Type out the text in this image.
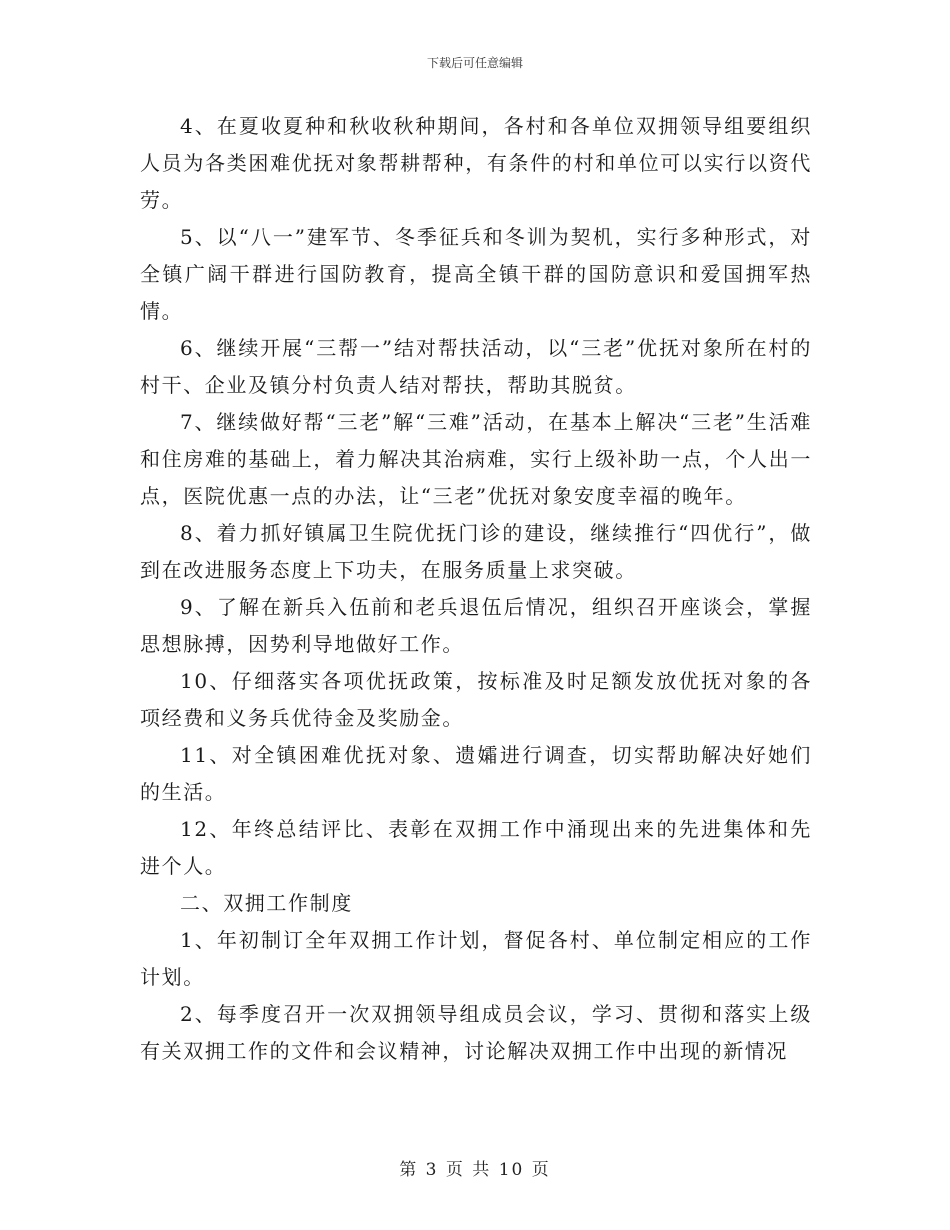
下载后可任意编辑

4、在夏收夏种和秋收秋种期间，各村和各单位双拥领导组要组织人员为各类困难优抚对象帮耕帮种，有条件的村和单位可以实行以资代劳。

5、以“八一”建军节、冬季征兵和冬训为契机，实行多种形式，对全镇广阔干群进行国防教育，提高全镇干群的国防意识和爱国拥军热情。

6、继续开展“三帮一”结对帮扶活动，以“三老”优抚对象所在村的村干、企业及镇分村负责人结对帮扶，帮助其脱贫。

7、继续做好帮“三老”解“三难”活动，在基本上解决“三老”生活难和住房难的基础上，着力解决其治病难，实行上级补助一点，个人出一点，医院优惠一点的办法，让“三老”优抚对象安度幸福的晚年。

8、着力抓好镇属卫生院优抚门诊的建设，继续推行“四优行”，做到在改进服务态度上下功夫，在服务质量上求突破。

9、了解在新兵入伍前和老兵退伍后情况，组织召开座谈会，掌握思想脉搏，因势利导地做好工作。

10、仔细落实各项优抚政策，按标准及时足额发放优抚对象的各项经费和义务兵优待金及奖励金。

11、对全镇困难优抚对象、遗孀进行调查，切实帮助解决好她们的生活。

12、年终总结评比、表彰在双拥工作中涌现出来的先进集体和先进个人。

二、双拥工作制度

1、年初制订全年双拥工作计划，督促各村、单位制定相应的工作计划。

2、每季度召开一次双拥领导组成员会议，学习、贯彻和落实上级有关双拥工作的文件和会议精神，讨论解决双拥工作中出现的新情况

第 3 页 共 10 页
